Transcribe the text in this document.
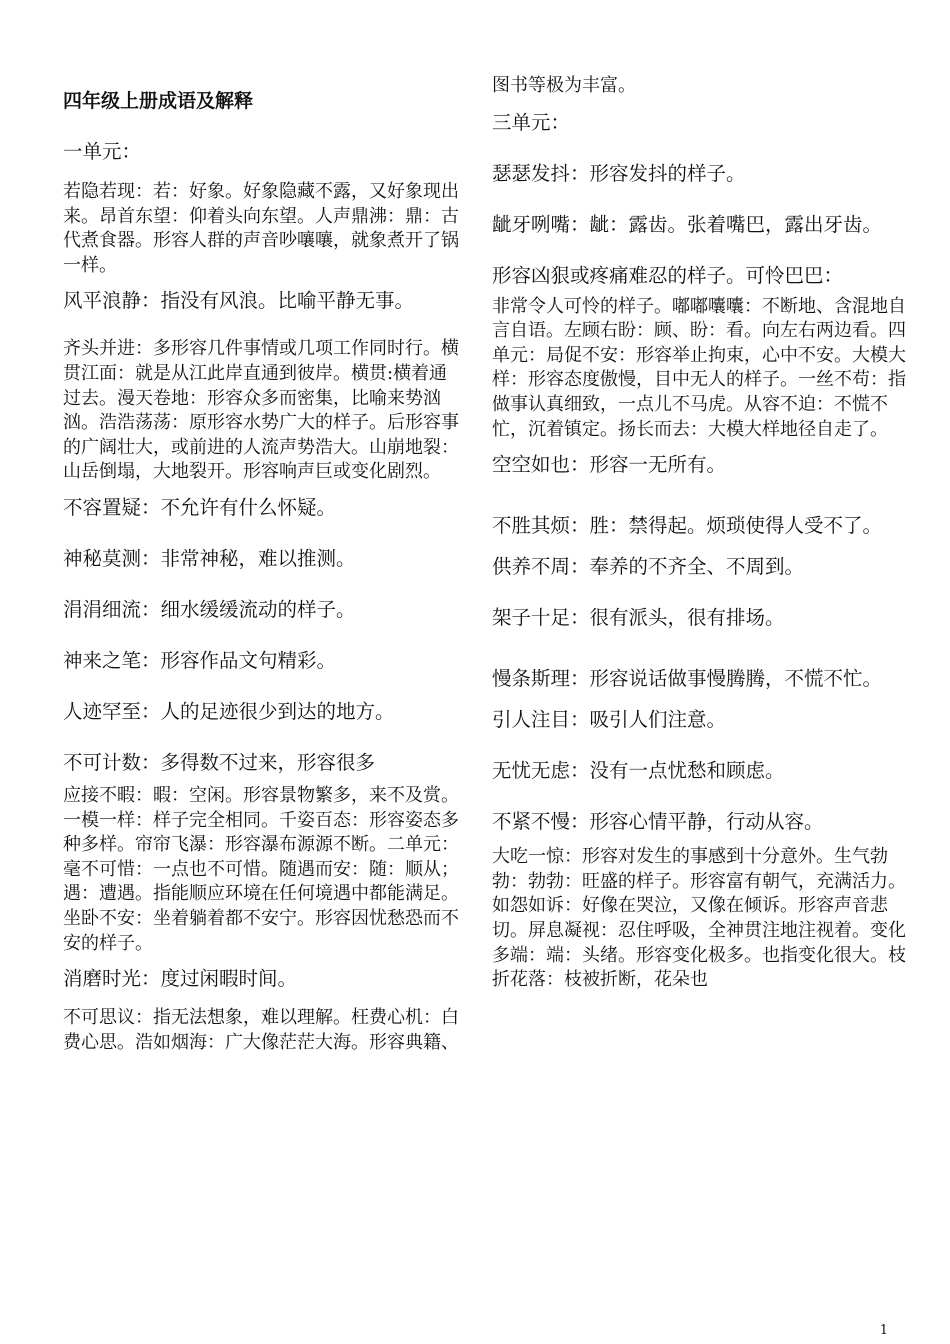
四年级上册成语及解释
一单元：
若隐若现：若：好象。好象隐藏不露，又好象现出来。昂首东望：仰着头向东望。人声鼎沸：鼎：古代煮食器。形容人群的声音吵嚷嚷，就象煮开了锅一样。
风平浪静：指没有风浪。比喻平静无事。
齐头并进：多形容几件事情或几项工作同时行。横贯江面：就是从江此岸直通到彼岸。横贯:横着通过去。漫天卷地：形容众多而密集，比喻来势汹汹。浩浩荡荡：原形容水势广大的样子。后形容事的广阔壮大，或前进的人流声势浩大。山崩地裂：山岳倒塌，大地裂开。形容响声巨或变化剧烈。
不容置疑：不允许有什么怀疑。
神秘莫测：非常神秘，难以推测。
涓涓细流：细水缓缓流动的样子。
神来之笔：形容作品文句精彩。
人迹罕至：人的足迹很少到达的地方。
不可计数：多得数不过来，形容很多
应接不暇：暇：空闲。形容景物繁多，来不及赏。一模一样：样子完全相同。千姿百态：形容姿态多种多样。帘帘飞瀑：形容瀑布源源不断。二单元：毫不可惜：一点也不可惜。随遇而安：随：顺从；遇：遭遇。指能顺应环境在任何境遇中都能满足。坐卧不安：坐着躺着都不安宁。形容因忧愁恐而不安的样子。
消磨时光：度过闲暇时间。
不可思议：指无法想象，难以理解。枉费心机：白费心思。浩如烟海：广大像茫茫大海。形容典籍、
图书等极为丰富。
三单元：
瑟瑟发抖：形容发抖的样子。
龇牙咧嘴：龇：露齿。张着嘴巴，露出牙齿。
形容凶狠或疼痛难忍的样子。可怜巴巴：
非常令人可怜的样子。嘟嘟囔囔：不断地、含混地自言自语。左顾右盼：顾、盼：看。向左右两边看。四单元：局促不安：形容举止拘束，心中不安。大模大样：形容态度傲慢，目中无人的样子。一丝不苟：指做事认真细致，一点儿不马虎。从容不迫：不慌不忙，沉着镇定。扬长而去：大模大样地径自走了。
空空如也：形容一无所有。
不胜其烦：胜：禁得起。烦琐使得人受不了。
供养不周：奉养的不齐全、不周到。
架子十足：很有派头，很有排场。
慢条斯理：形容说话做事慢腾腾，不慌不忙。
引人注目：吸引人们注意。
无忧无虑：没有一点忧愁和顾虑。
不紧不慢：形容心情平静，行动从容。
大吃一惊：形容对发生的事感到十分意外。生气勃勃：勃勃：旺盛的样子。形容富有朝气，充满活力。如怨如诉：好像在哭泣，又像在倾诉。形容声音悲切。屏息凝视：忍住呼吸，全神贯注地注视着。变化多端：端：头绪。形容变化极多。也指变化很大。枝折花落：枝被折断，花朵也
1
